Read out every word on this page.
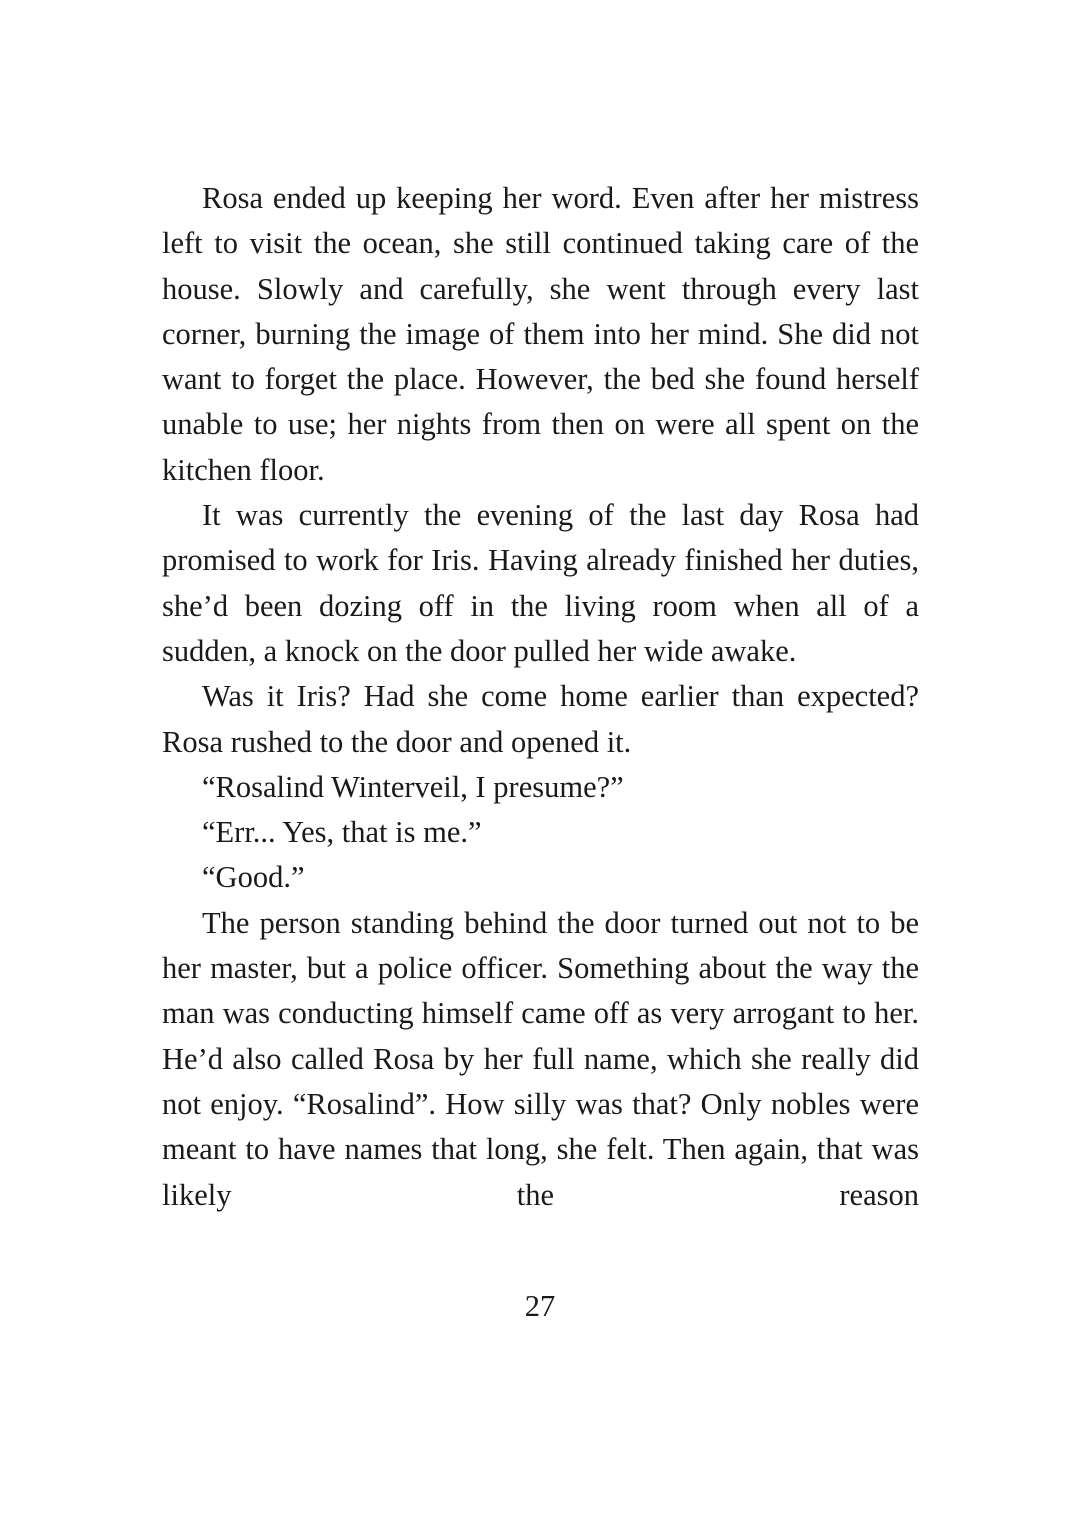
Rosa ended up keeping her word. Even after her mistress left to visit the ocean, she still continued taking care of the house. Slowly and carefully, she went through every last corner, burning the image of them into her mind. She did not want to forget the place. However, the bed she found herself unable to use; her nights from then on were all spent on the kitchen floor.

It was currently the evening of the last day Rosa had promised to work for Iris. Having already finished her duties, she’d been dozing off in the living room when all of a sudden, a knock on the door pulled her wide awake.

Was it Iris? Had she come home earlier than expected? Rosa rushed to the door and opened it.

“Rosalind Winterveil, I presume?”

“Err... Yes, that is me.”

“Good.”

The person standing behind the door turned out not to be her master, but a police officer. Something about the way the man was conducting himself came off as very arrogant to her. He’d also called Rosa by her full name, which she really did not enjoy. “Rosalind”. How silly was that? Only nobles were meant to have names that long, she felt. Then again, that was likely the reason

27
